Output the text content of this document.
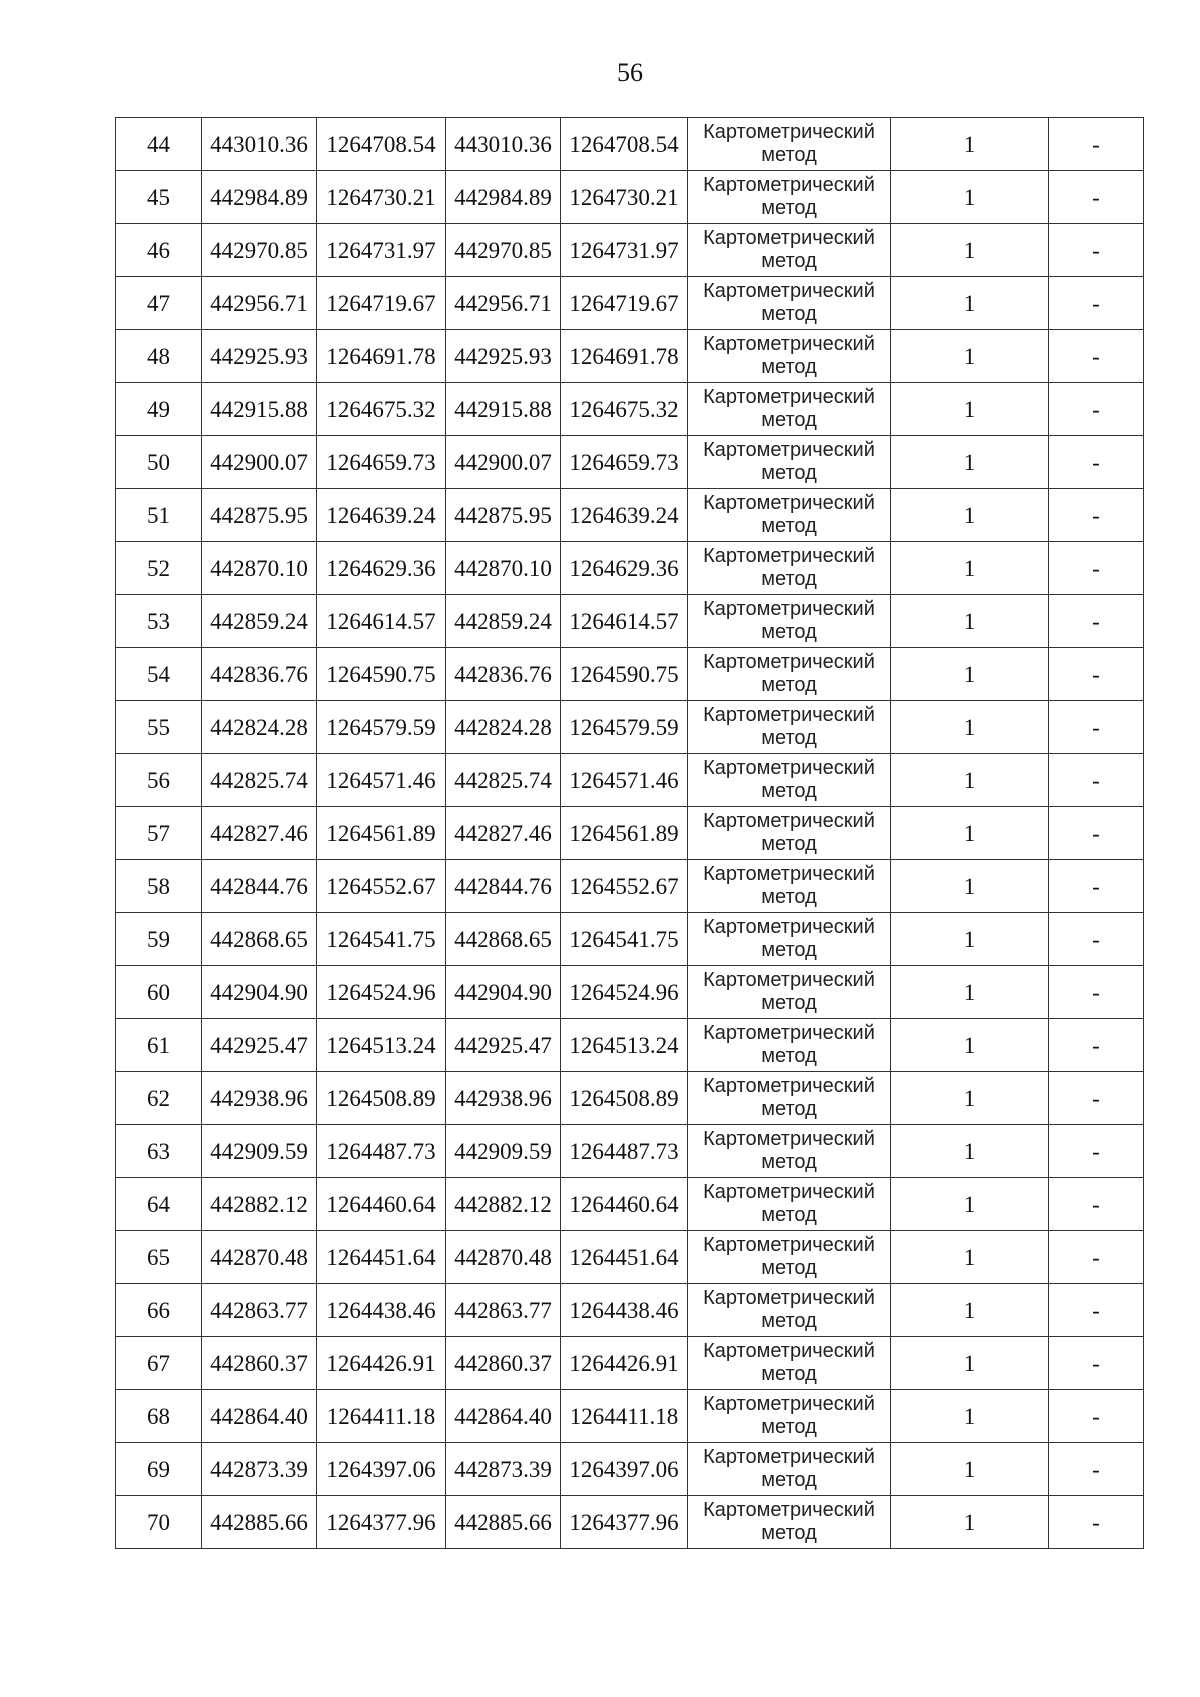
56
44	443010.36	1264708.54	443010.36	1264708.54	Картометрический
метод	1	-
45	442984.89	1264730.21	442984.89	1264730.21	Картометрический
метод	1	-
46	442970.85	1264731.97	442970.85	1264731.97	Картометрический
метод	1	-
47	442956.71	1264719.67	442956.71	1264719.67	Картометрический
метод	1	-
48	442925.93	1264691.78	442925.93	1264691.78	Картометрический
метод	1	-
49	442915.88	1264675.32	442915.88	1264675.32	Картометрический
метод	1	-
50	442900.07	1264659.73	442900.07	1264659.73	Картометрический
метод	1	-
51	442875.95	1264639.24	442875.95	1264639.24	Картометрический
метод	1	-
52	442870.10	1264629.36	442870.10	1264629.36	Картометрический
метод	1	-
53	442859.24	1264614.57	442859.24	1264614.57	Картометрический
метод	1	-
54	442836.76	1264590.75	442836.76	1264590.75	Картометрический
метод	1	-
55	442824.28	1264579.59	442824.28	1264579.59	Картометрический
метод	1	-
56	442825.74	1264571.46	442825.74	1264571.46	Картометрический
метод	1	-
57	442827.46	1264561.89	442827.46	1264561.89	Картометрический
метод	1	-
58	442844.76	1264552.67	442844.76	1264552.67	Картометрический
метод	1	-
59	442868.65	1264541.75	442868.65	1264541.75	Картометрический
метод	1	-
60	442904.90	1264524.96	442904.90	1264524.96	Картометрический
метод	1	-
61	442925.47	1264513.24	442925.47	1264513.24	Картометрический
метод	1	-
62	442938.96	1264508.89	442938.96	1264508.89	Картометрический
метод	1	-
63	442909.59	1264487.73	442909.59	1264487.73	Картометрический
метод	1	-
64	442882.12	1264460.64	442882.12	1264460.64	Картометрический
метод	1	-
65	442870.48	1264451.64	442870.48	1264451.64	Картометрический
метод	1	-
66	442863.77	1264438.46	442863.77	1264438.46	Картометрический
метод	1	-
67	442860.37	1264426.91	442860.37	1264426.91	Картометрический
метод	1	-
68	442864.40	1264411.18	442864.40	1264411.18	Картометрический
метод	1	-
69	442873.39	1264397.06	442873.39	1264397.06	Картометрический
метод	1	-
70	442885.66	1264377.96	442885.66	1264377.96	Картометрический
метод	1	-
